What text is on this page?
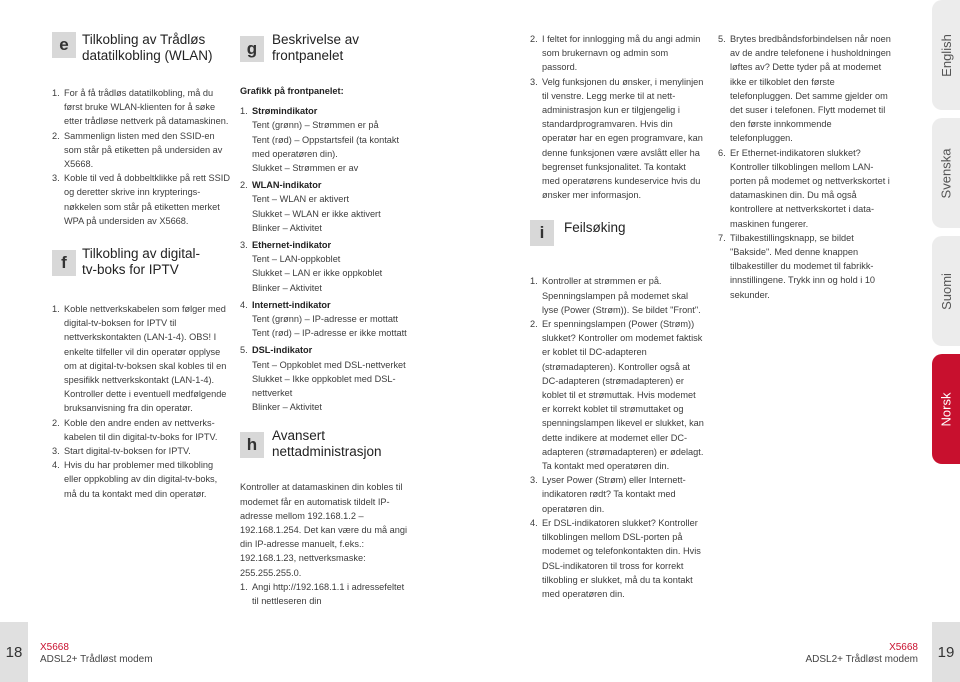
e Tilkobling av Trådløs datatilkobling (WLAN)
1. For å få trådløs datatilkobling, må du først bruke WLAN-klienten for å søke etter trådløse nettverk på datamaskinen.
2. Sammenlign listen med den SSID-en som står på etiketten på undersiden av X5668.
3. Koble til ved å dobbeltklikke på rett SSID og deretter skrive inn krypterings-nøkkelen som står på etiketten merket WPA på undersiden av X5668.
f	Tilkobling av digital-tv-boks for IPTV
1. Koble nettverkskabelen som følger med digital-tv-boksen for IPTV til nettverkskontakten (LAN-1-4). OBS! I enkelte tilfeller vil din operatør opplyse om at digital-tv-boksen skal kobles til en spesifikk nettverkskontakt (LAN-1-4). Kontroller dette i eventuell medfølgende bruksanvisning fra din operatør.
2. Koble den andre enden av nettverks-kabelen til din digital-tv-boks for IPTV.
3. Start digital-tv-boksen for IPTV.
4. Hvis du har problemer med tilkobling eller oppkobling av din digital-tv-boks, må du ta kontakt med din operatør.
g	Beskrivelse av frontpanelet
Grafikk på frontpanelet:
1. Strømindikator
Tent (grønn) – Strømmen er på
Tent (rød) – Oppstartsfeil (ta kontakt med operatøren din).
Slukket – Strømmen er av
2. WLAN-indikator
Tent – WLAN er aktivert
Slukket – WLAN er ikke aktivert
Blinker – Aktivitet
3. Ethernet-indikator
Tent – LAN-oppkoblet
Slukket – LAN er ikke oppkoblet
Blinker – Aktivitet
4. Internett-indikator
Tent (grønn) – IP-adresse er mottatt
Tent (rød) – IP-adresse er ikke mottatt
5. DSL-indikator
Tent – Oppkoblet med DSL-nettverket
Slukket – Ikke oppkoblet med DSL-nettverket
Blinker – Aktivitet
h	Avansert nettadministrasjon

Kontroller at datamaskinen din kobles til modemet får en automatisk tildelt IP-adresse mellom 192.168.1.2 – 192.168.1.254. Det kan være du må angi din IP-adresse manuelt, f.eks.: 192.168.1.23, nettverksmaske: 255.255.255.0.

1. Angi http://192.168.1.1 i adressefeltet til nettleseren din
2. I feltet for innlogging må du angi admin som brukernavn og admin som passord.
3. Velg funksjonen du ønsker, i menylinjen til venstre. Legg merke til at nett-administrasjon kun er tilgjengelig i standardprogramvaren. Hvis din operatør har en egen programvare, kan denne funksjonen være avslått eller ha begrenset funksjonalitet. Ta kontakt med operatørens kundeservice hvis du ønsker mer informasjon.
i	Feilsøking
1. Kontroller at strømmen er på. Spenningslampen på modemet skal lyse (Power (Strøm)). Se bildet "Front".
2. Er spenningslampen (Power (Strøm)) slukket? Kontroller om modemet faktisk er koblet til DC-adapteren (strømadapteren). Kontroller også at DC-adapteren (strømadapteren) er koblet til et strømuttak. Hvis modemet er korrekt koblet til strømuttaket og spenningslampen likevel er slukket, kan dette indikere at modemet eller DC-adapteren (strømadapteren) er ødelagt. Ta kontakt med operatøren din.
3. Lyser Power (Strøm) eller Internett-indikatoren rødt? Ta kontakt med operatøren din.
4. Er DSL-indikatoren slukket? Kontroller tilkoblingen mellom DSL-porten på modemet og telefonkontakten din. Hvis DSL-indikatoren til tross for korrekt tilkobling er slukket, må du ta kontakt med operatøren din.
5. Brytes bredbåndsforbindelsen når noen av de andre telefonene i husholdningen løftes av? Dette tyder på at modemet ikke er tilkoblet den første telefonpluggen. Det samme gjelder om det suser i telefonen. Flytt modemet til den første innkommende telefonpluggen.
6. Er Ethernet-indikatoren slukket? Kontroller tilkoblingen mellom LAN-porten på modemet og nettverkskortet i datamaskinen din. Du må også kontrollere at nettverkskortet i data-maskinen fungerer.
7. Tilbakestillingsknapp, se bildet "Bakside". Med denne knappen tilbakestiller du modemet til fabrikk-innstillingene. Trykk inn og hold i 10 sekunder.
English
Svenska
Suomi
Norsk
18	X5668
ADSL2+ Trådløst modem
X5668
ADSL2+ Trådløst modem	19
